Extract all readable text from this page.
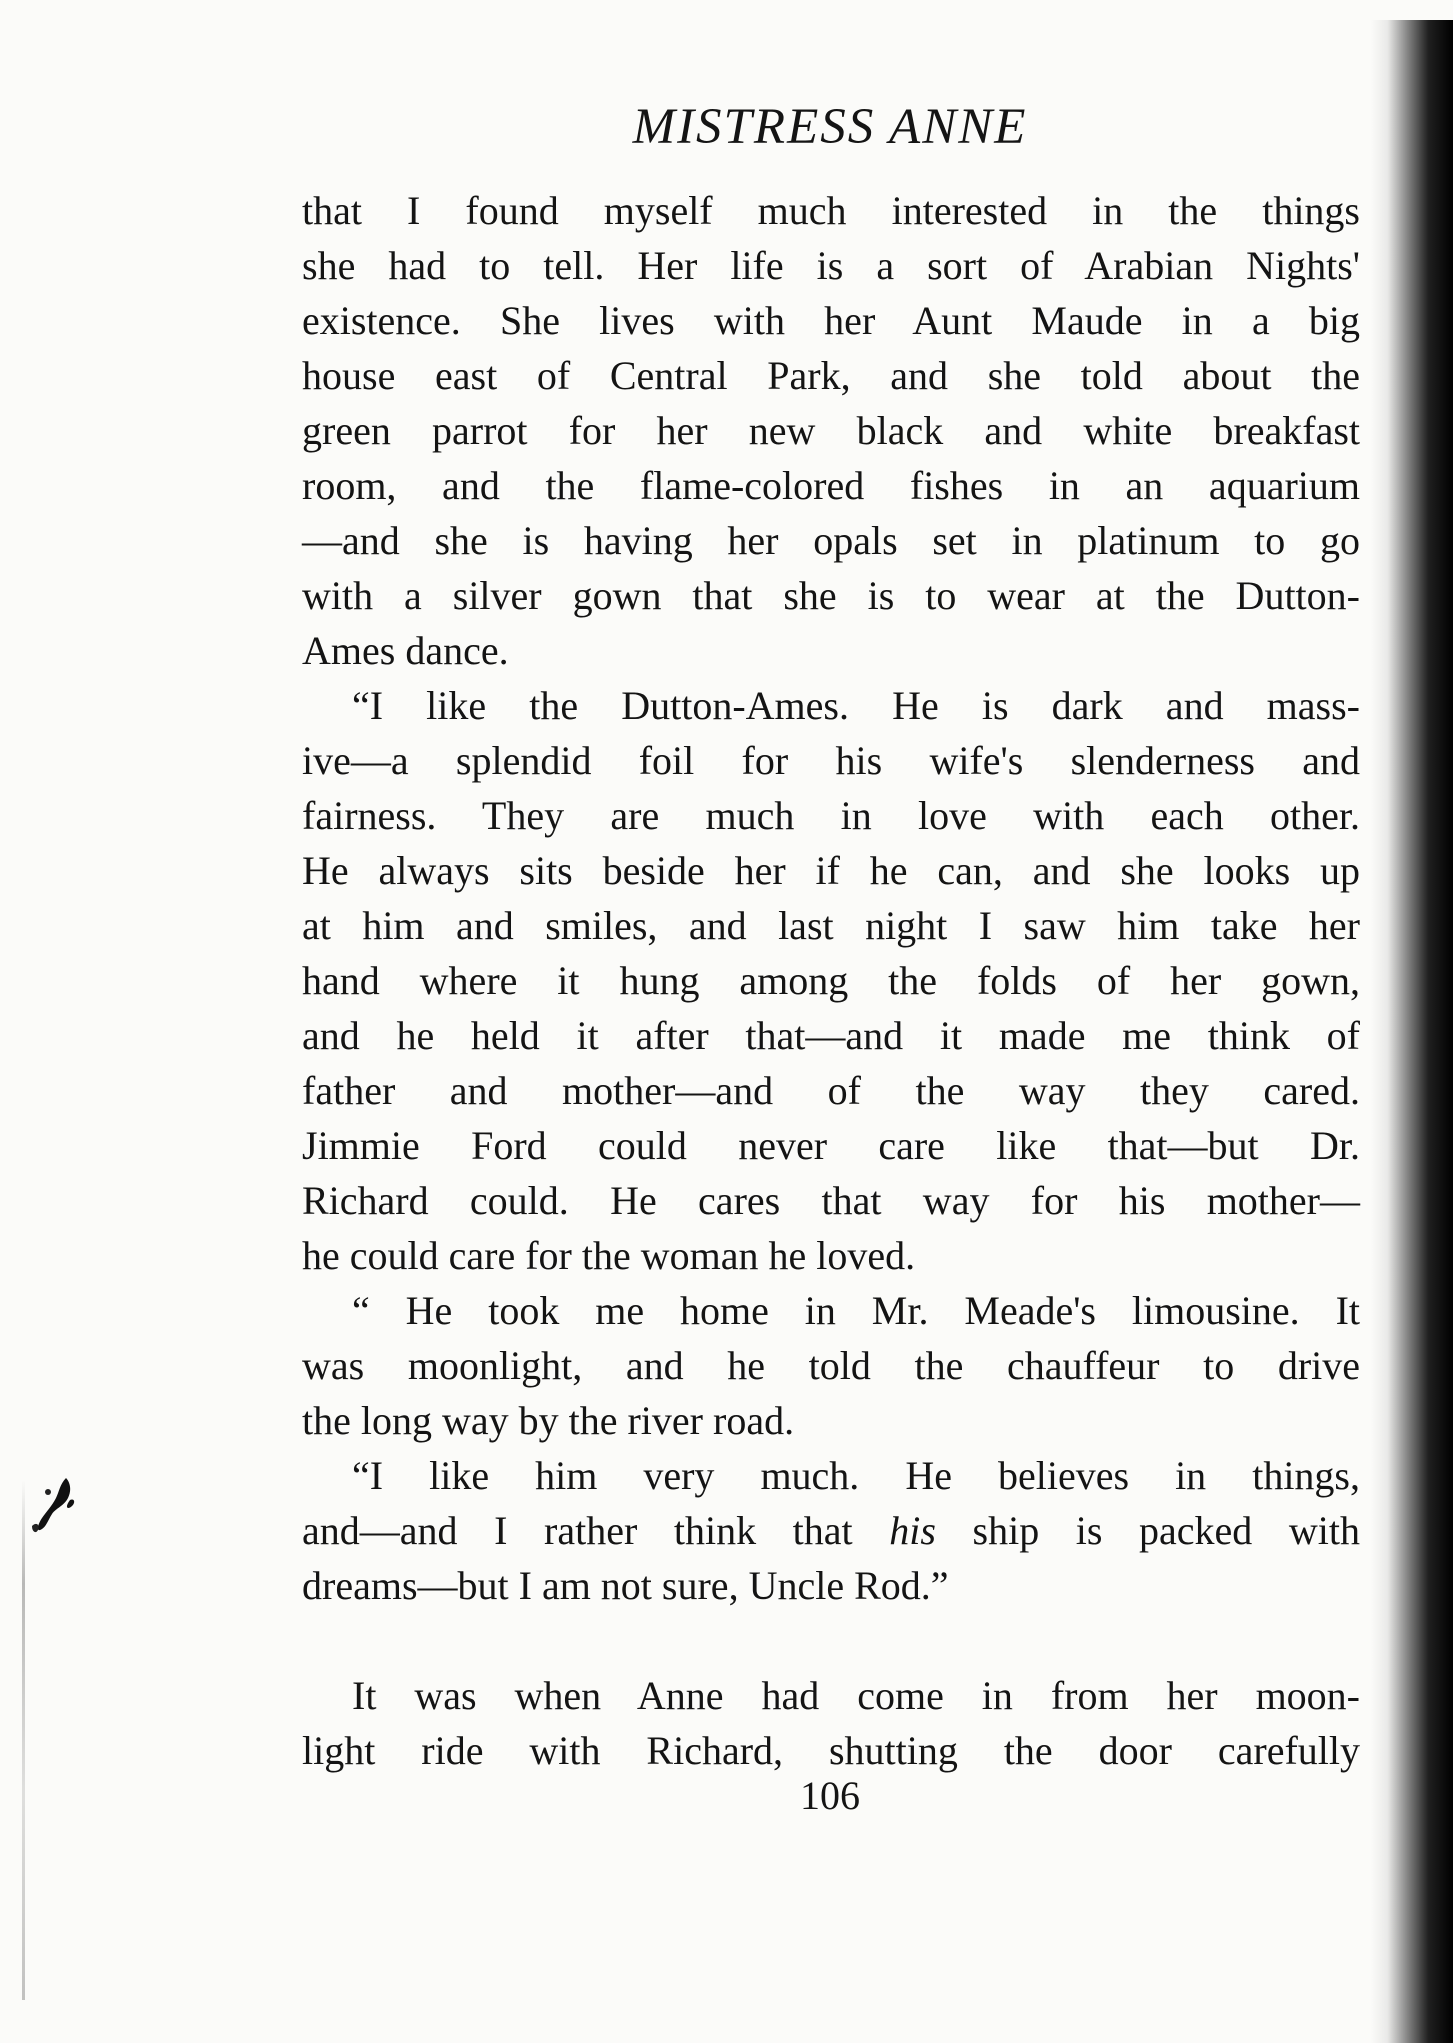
MISTRESS ANNE

that I found myself much interested in the things
she had to tell. Her life is a sort of Arabian Nights'
existence. She lives with her Aunt Maude in a big
house east of Central Park, and she told about the
green parrot for her new black and white breakfast
room, and the flame-colored fishes in an aquarium
—and she is having her opals set in platinum to go
with a silver gown that she is to wear at the Dutton-
Ames dance.

“I like the Dutton-Ames. He is dark and mass-
ive—a splendid foil for his wife's slenderness and
fairness. They are much in love with each other.
He always sits beside her if he can, and she looks up
at him and smiles, and last night I saw him take her
hand where it hung among the folds of her gown,
and he held it after that—and it made me think of
father and mother—and of the way they cared.
Jimmie Ford could never care like that—but Dr.
Richard could. He cares that way for his mother—
he could care for the woman he loved.

“ He took me home in Mr. Meade's limousine. It
was moonlight, and he told the chauffeur to drive
the long way by the river road.

“I like him very much. He believes in things,
and—and I rather think that his ship is packed with
dreams—but I am not sure, Uncle Rod.”

It was when Anne had come in from her moon-
light ride with Richard, shutting the door carefully

106
